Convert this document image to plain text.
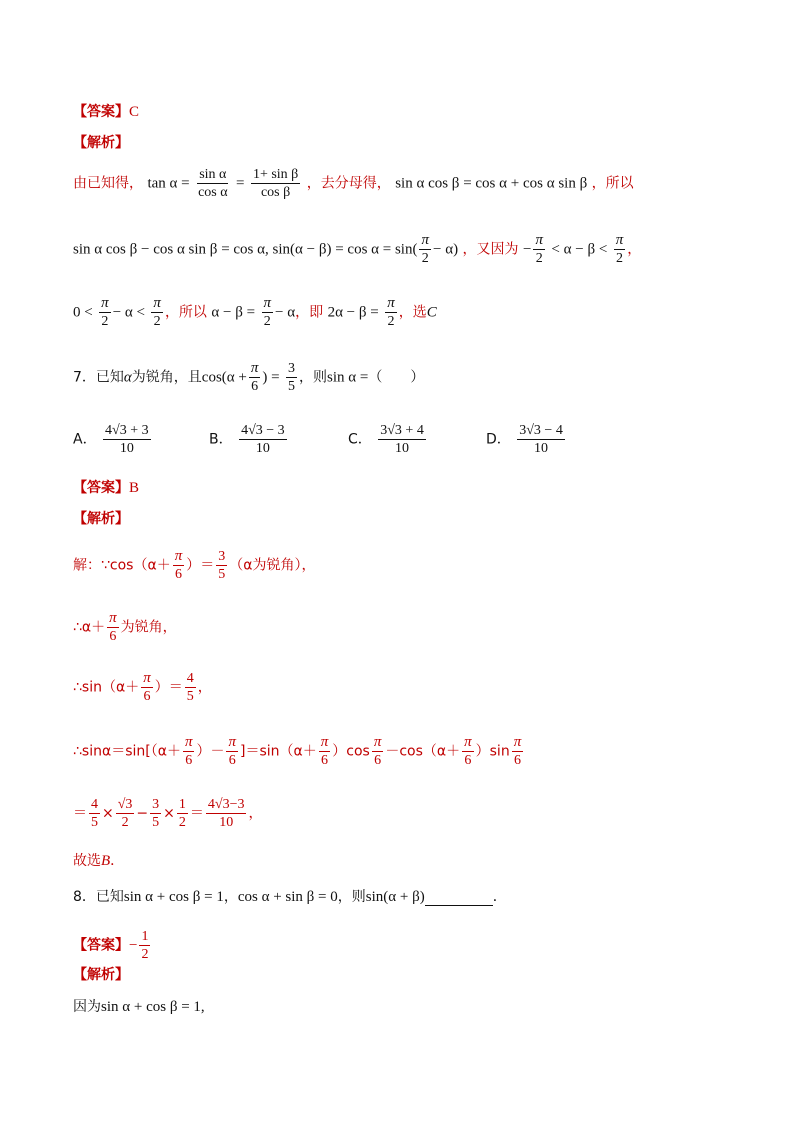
【答案】C
【解析】
由已知得， $\tan \alpha = \frac{\text{sin α}}{\text{cos α}} = \frac{\text{1+ sin β}}{\text{cos β}}$ ，去分母得， sin α cos β = cos α + cos α sin β ，所以
sin α cos β − cos α sin β = cos α, $\sin(\alpha - \beta) = \cos \alpha = \sin( \frac{\pi}{2} - \alpha)$ ，又因为 − $\frac{\pi}{2} < \alpha - \beta < \frac{\pi}{2}$ ，
$0 < \frac{\pi}{2} - \alpha < \frac{\pi}{2}$ ，所以 $\alpha - \beta = \frac{\pi}{2} - \alpha$，即 $2\alpha - \beta = \frac{\pi}{2}$ ，选C
7．已知α为锐角，且$\cos(\alpha + \frac{\pi}{6}$ ) = $\frac{3}{5}$ ，则sin α =（　　）
A． $\frac{4√3 + 3}{10}$	B． $\frac{4√3 - 3}{10}$	C． $\frac{3√3 + 4}{10}$	D． $\frac{3√3 - 4}{10}$
【答案】B
【解析】
解：∵cos（α＋ $\frac{\pi}{6}$ ）＝ $\frac{3}{5} (\alpha$为锐角），
∴α＋ $\frac{\pi}{6}$ 为锐角，
∴sin（α＋ $\frac{\pi}{6}$ ）＝ $\frac{4}{5}$ ，
∴sinα＝sin[（α＋ $\frac{\pi}{6}$ ）－ $\frac{\pi}{6} ]=\sin(\alpha+ \frac{\pi}{6} )\cos \frac{\pi}{6} -\cos(\alpha+ \frac{\pi}{6} )\sin \frac{\pi}{6}$
＝ $\frac{4}{5} \times \frac{√3}{2} - \frac{3}{5} \times \frac{1}{2} = \frac{4√3-3}{10}$ ，
故选B．
8．已知sin α + cos β = 1，cos α + sin β = 0，则sin(α + β)	．
【答案】− $\frac{1}{2}$
【解析】
因为sin α + cos β = 1,
